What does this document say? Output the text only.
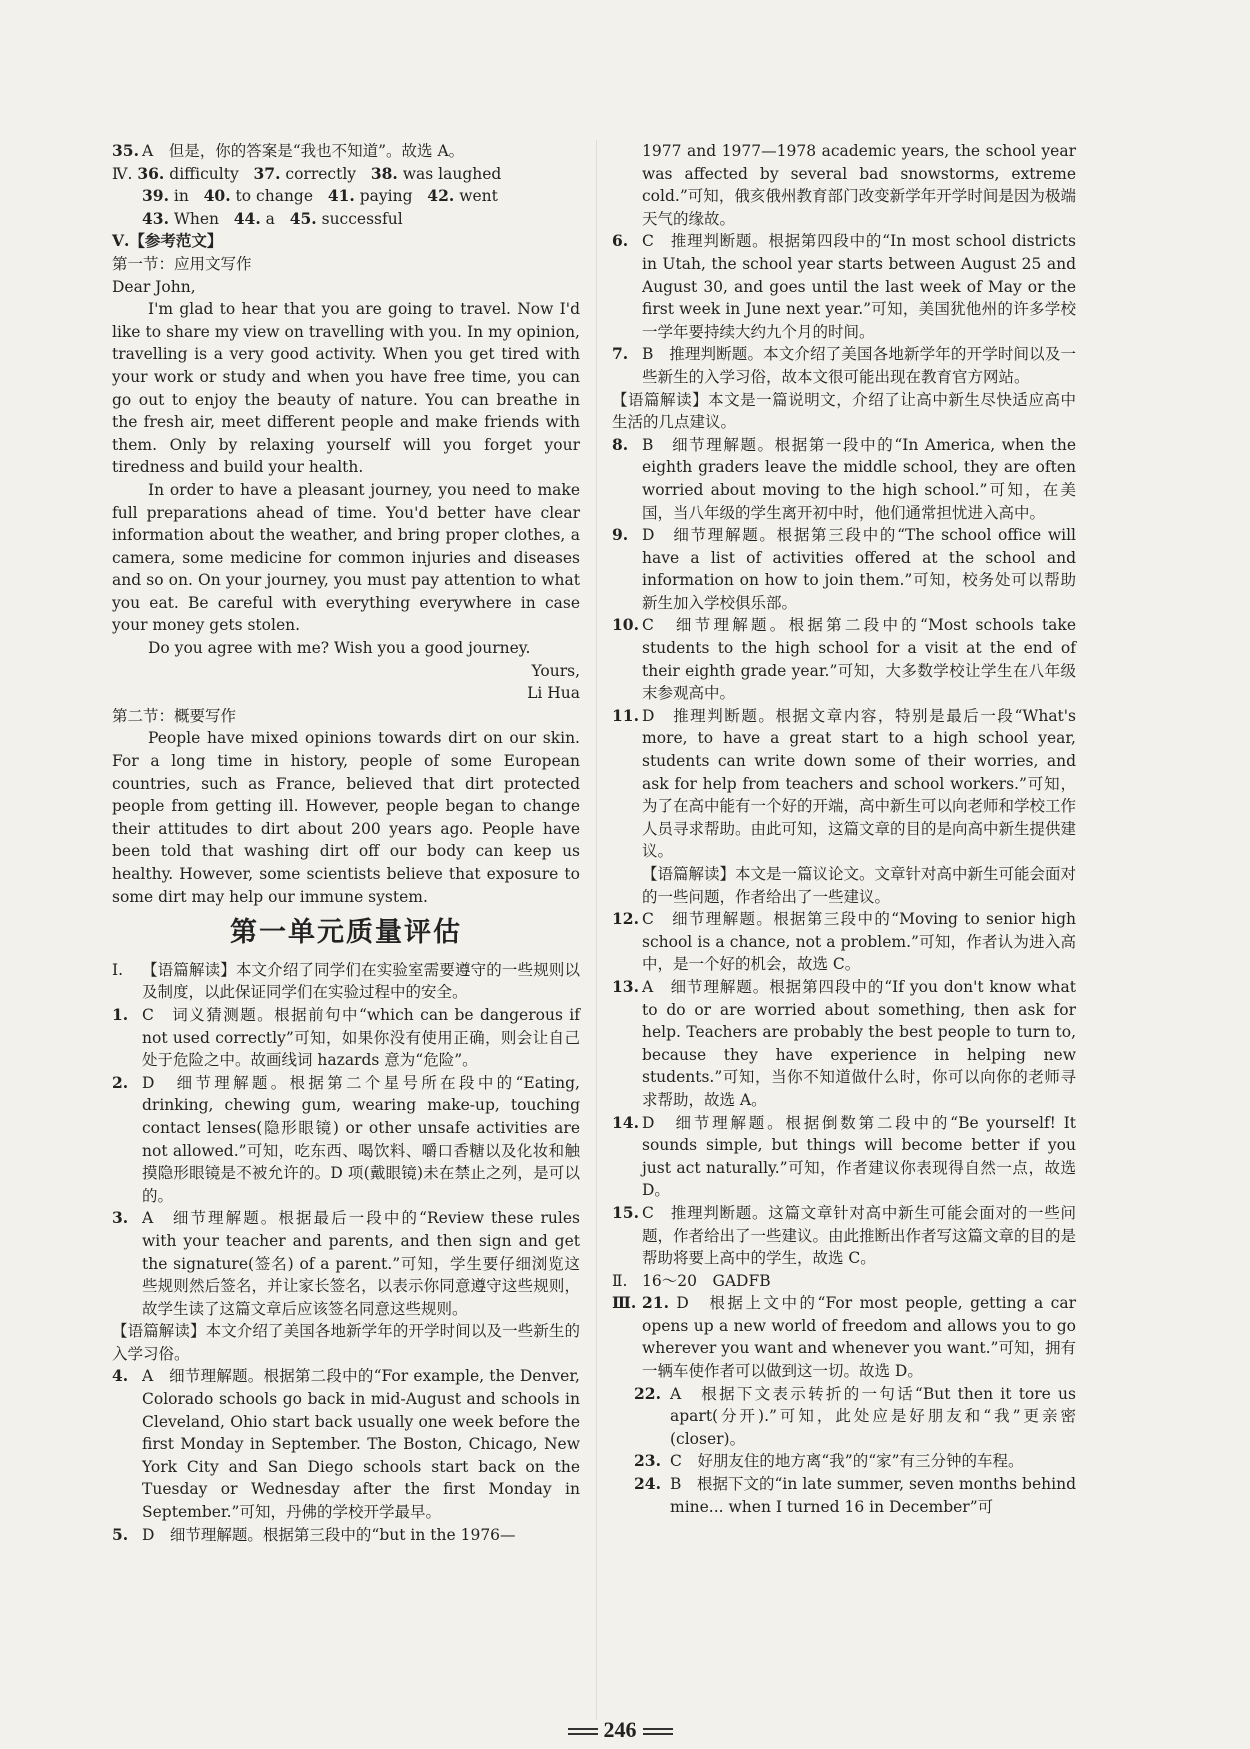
35. A　但是，你的答案是“我也不知道”。故选 A。

Ⅳ. 36. difficulty 37. correctly 38. was laughed

39. in 40. to change 41. paying 42. went

43. When 44. a 45. successful

Ⅴ.【参考范文】

第一节：应用文写作

Dear John,

I'm glad to hear that you are going to travel. Now I'd like to share my view on travelling with you. In my opinion, travelling is a very good activity. When you get tired with your work or study and when you have free time, you can go out to enjoy the beauty of nature. You can breathe in the fresh air, meet different people and make friends with them. Only by relaxing yourself will you forget your tiredness and build your health.

In order to have a pleasant journey, you need to make full preparations ahead of time. You'd better have clear information about the weather, and bring proper clothes, a camera, some medicine for common injuries and diseases and so on. On your journey, you must pay attention to what you eat. Be careful with everything everywhere in case your money gets stolen.

Do you agree with me? Wish you a good journey.

Yours,

Li Hua

第二节：概要写作

People have mixed opinions towards dirt on our skin. For a long time in history, people of some European countries, such as France, believed that dirt protected people from getting ill. However, people began to change their attitudes to dirt about 200 years ago. People have been told that washing dirt off our body can keep us healthy. However, some scientists believe that exposure to some dirt may help our immune system.

第一单元质量评估

Ⅰ. 【语篇解读】本文介绍了同学们在实验室需要遵守的一些规则以及制度，以此保证同学们在实验过程中的安全。

1. C　词义猜测题。根据前句中“which can be dangerous if not used correctly”可知，如果你没有使用正确，则会让自己处于危险之中。故画线词 hazards 意为“危险”。

2. D　细节理解题。根据第二个星号所在段中的“Eating, drinking, chewing gum, wearing make-up, touching contact lenses(隐形眼镜) or other unsafe activities are not allowed.”可知，吃东西、喝饮料、嚼口香糖以及化妆和触摸隐形眼镜是不被允许的。D 项(戴眼镜)未在禁止之列，是可以的。

3. A　细节理解题。根据最后一段中的“Review these rules with your teacher and parents, and then sign and get the signature(签名) of a parent.”可知，学生要仔细浏览这些规则然后签名，并让家长签名，以表示你同意遵守这些规则，故学生读了这篇文章后应该签名同意这些规则。

【语篇解读】本文介绍了美国各地新学年的开学时间以及一些新生的入学习俗。

4. A　细节理解题。根据第二段中的“For example, the Denver, Colorado schools go back in mid-August and schools in Cleveland, Ohio start back usually one week before the first Monday in September. The Boston, Chicago, New York City and San Diego schools start back on the Tuesday or Wednesday after the first Monday in September.”可知，丹佛的学校开学最早。

5. D　细节理解题。根据第三段中的“but in the 1976—

1977 and 1977—1978 academic years, the school year was affected by several bad snowstorms, extreme cold.”可知，俄亥俄州教育部门改变新学年开学时间是因为极端天气的缘故。

6. C　推理判断题。根据第四段中的“In most school districts in Utah, the school year starts between August 25 and August 30, and goes until the last week of May or the first week in June next year.”可知，美国犹他州的许多学校一学年要持续大约九个月的时间。

7. B　推理判断题。本文介绍了美国各地新学年的开学时间以及一些新生的入学习俗，故本文很可能出现在教育官方网站。

【语篇解读】本文是一篇说明文，介绍了让高中新生尽快适应高中生活的几点建议。

8. B　细节理解题。根据第一段中的“In America, when the eighth graders leave the middle school, they are often worried about moving to the high school.”可知，在美国，当八年级的学生离开初中时，他们通常担忧进入高中。

9. D　细节理解题。根据第三段中的“The school office will have a list of activities offered at the school and information on how to join them.”可知，校务处可以帮助新生加入学校俱乐部。

10. C　细节理解题。根据第二段中的“Most schools take students to the high school for a visit at the end of their eighth grade year.”可知，大多数学校让学生在八年级末参观高中。

11. D　推理判断题。根据文章内容，特别是最后一段“What's more, to have a great start to a high school year, students can write down some of their worries, and ask for help from teachers and school workers.”可知，为了在高中能有一个好的开端，高中新生可以向老师和学校工作人员寻求帮助。由此可知，这篇文章的目的是向高中新生提供建议。

【语篇解读】本文是一篇议论文。文章针对高中新生可能会面对的一些问题，作者给出了一些建议。

12. C　细节理解题。根据第三段中的“Moving to senior high school is a chance, not a problem.”可知，作者认为进入高中，是一个好的机会，故选 C。

13. A　细节理解题。根据第四段中的“If you don't know what to do or are worried about something, then ask for help. Teachers are probably the best people to turn to, because they have experience in helping new students.”可知，当你不知道做什么时，你可以向你的老师寻求帮助，故选 A。

14. D　细节理解题。根据倒数第二段中的“Be yourself! It sounds simple, but things will become better if you just act naturally.”可知，作者建议你表现得自然一点，故选 D。

15. C　推理判断题。这篇文章针对高中新生可能会面对的一些问题，作者给出了一些建议。由此推断出作者写这篇文章的目的是帮助将要上高中的学生，故选 C。

Ⅱ. 16～20　GADFB

Ⅲ. 21. D　根据上文中的“For most people, getting a car opens up a new world of freedom and allows you to go wherever you want and whenever you want.”可知，拥有一辆车使作者可以做到这一切。故选 D。

22. A　根据下文表示转折的一句话“But then it tore us apart(分开).”可知，此处应是好朋友和“我”更亲密(closer)。

23. C　好朋友住的地方离“我”的“家”有三分钟的车程。

24. B　根据下文的“in late summer, seven months behind mine... when I turned 16 in December”可

246
